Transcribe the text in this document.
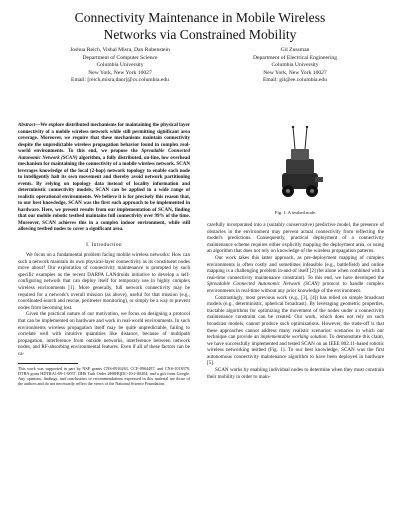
Connectivity Maintenance in Mobile Wireless
Networks via Constrained Mobility
Joshua Reich, Vishal Misra, Dan Rubenstein
Department of Computer Science
Columbia University
New York, New York 10027
Email: [reich,misra,danr]@cs.columbia.edu
Gil Zussman
Department of Electrical Engineering
Columbia University
New York, New York 10027
Email: gil@ee.columbia.edu

Abstract—We explore distributed mechanisms for maintaining the physical layer connectivity of a mobile wireless network while still permitting significant area coverage. Moreover, we require that these mechanisms maintain connectivity despite the unpredictable wireless propagation behavior found in complex real-world environments. To this end, we propose the Spreadable Connected Autonomic Network (SCAN) algorithm, a fully distributed, on-line, low overhead mechanism for maintaining the connectivity of a mobile wireless network. SCAN leverages knowledge of the local (2-hop) network topology to enable each node to intelligently halt its own movement and thereby avoid network partitioning events. By relying on topology data instead of locality information and deterministic connectivity models, SCAN can be applied in a wide range of realistic operational environments. We believe it is for precisely this reason that, to our best knowledge, SCAN was the first such approach to be implemented in hardware. Here, we present results from our implementation of SCAN, finding that our mobile robotic testbed maintains full connectivity over 99% of the time. Moreover, SCAN achieves this in a complex indoor environment, while still allowing testbed nodes to cover a significant area.

I. Introduction

We focus on a fundamental problem facing mobile wireless networks: How can such a network maintain its own physical-layer connectivity as its constituent nodes move about? Our exploration of connectivity maintenance is prompted by such specific examples as the recent DARPA LANdroids initiative to develop a self-configuring network that can deploy itself for temporary use in highly complex wireless environments [1]. More generally, full network connectivity may be required for a network's overall mission (as above), useful for that mission (e.g., coordinated search and rescue, perimeter monitoring), or simply be a way to prevent nodes from becoming lost.

Given the practical nature of our motivation, we focus on designing a protocol that can be implemented on hardware and work in real-world environments. In such environments wireless propagation itself may be quite unpredictable, failing to correlate well with intuitive quantities like distance, because of multipath propagation, interference from outside networks, interference between network nodes, and RF-absorbing environmental features. Even if all of these factors can be ca-

This work was supported in part by NSF grants CNS-0916263, CCF-0964497, and CNS-1018379, DTRA grant HDTRA1-09-1-0057, DHS Task Order #HSHQDC-10-J-00204, and a gift from Google. Any opinions, findings, and conclusions or recommendations expressed in this material are those of the authors and do not necessarily reflect the views of the National Science Foundation.
Fig. 1. A testbed node.

carefully incorporated into a (suitably conservative) predictive model, the presence of obstacles in the environment may prevent actual connectivity from reflecting the model's predictions. Consequently, practical deployment of a connectivity maintenance scheme requires either explicitly mapping the deployment area, or using an algorithm that does not rely on knowledge of the wireless propagation patterns.

Our work takes this latter approach, as pre-deployment mapping of complex environments is often costly and sometimes infeasible (e.g., battlefield) and online mapping is a challenging problem in-and-of itself [2] (let alone when combined with a real-time connectivity maintenance constraint). To this end, we have developed the Spreadable Connected Autonomic Network (SCAN) protocol to handle complex environments in real-time without any prior knowledge of the environment.

Contrastingly, most previous work (e.g., [3], [4]) has relied on simple broadcast models (e.g., deterministic, spherical broadcast). By leveraging geometric properties, tractable algorithms for optimizing the movement of the nodes under a connectivity maintenance constraint can be created. Our work, which does not rely on such broadcast models, cannot produce such optimizations. However, the trade-off is that these approaches cannot address many realistic scenarios: scenarios in which our technique can provide an implementable working solution. To demonstrate this claim, we have successfully implemented and tested SCAN on an IEEE 802.11-based robotic wireless networking testbed (Fig. 1). To our best knowledge, SCAN was the first autonomous connectivity maintenance algorithm to have been deployed in hardware [5].

SCAN works by enabling individual nodes to determine when they must constrain their mobility in order to main-
